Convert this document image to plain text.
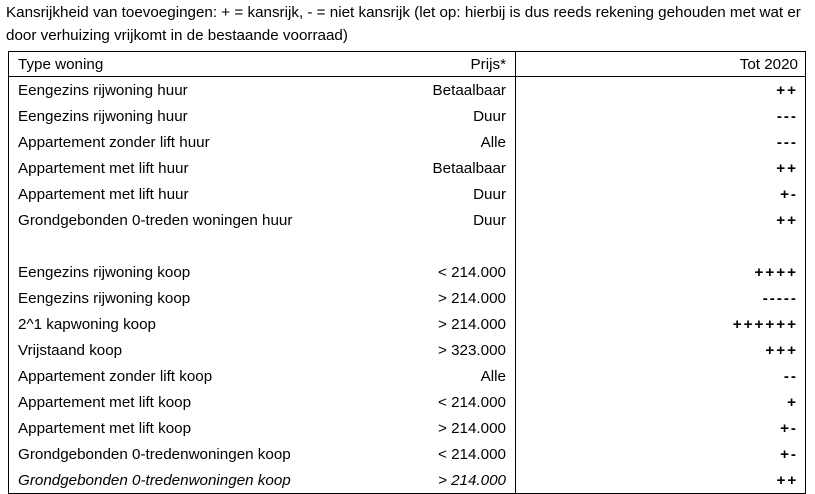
Kansrijkheid van toevoegingen: + = kansrijk, - = niet kansrijk (let op: hierbij is dus reeds rekening gehouden met wat er door verhuizing vrijkomt in de bestaande voorraad)
Type woning	Prijs*	Tot 2020
Eengezins rijwoning huur	Betaalbaar	++
Eengezins rijwoning huur	Duur	---
Appartement zonder lift huur	Alle	---
Appartement met lift huur	Betaalbaar	++
Appartement met lift huur	Duur	+-
Grondgebonden 0-treden woningen huur	Duur	++

Eengezins rijwoning koop	< 214.000	++++
Eengezins rijwoning koop	> 214.000	-----
2^1 kapwoning koop	> 214.000	++++++
Vrijstaand koop	> 323.000	+++
Appartement zonder lift koop	Alle	--
Appartement met lift koop	< 214.000	+
Appartement met lift koop	> 214.000	+-
Grondgebonden 0-tredenwoningen koop	< 214.000	+-
Grondgebonden 0-tredenwoningen koop	> 214.000	++
